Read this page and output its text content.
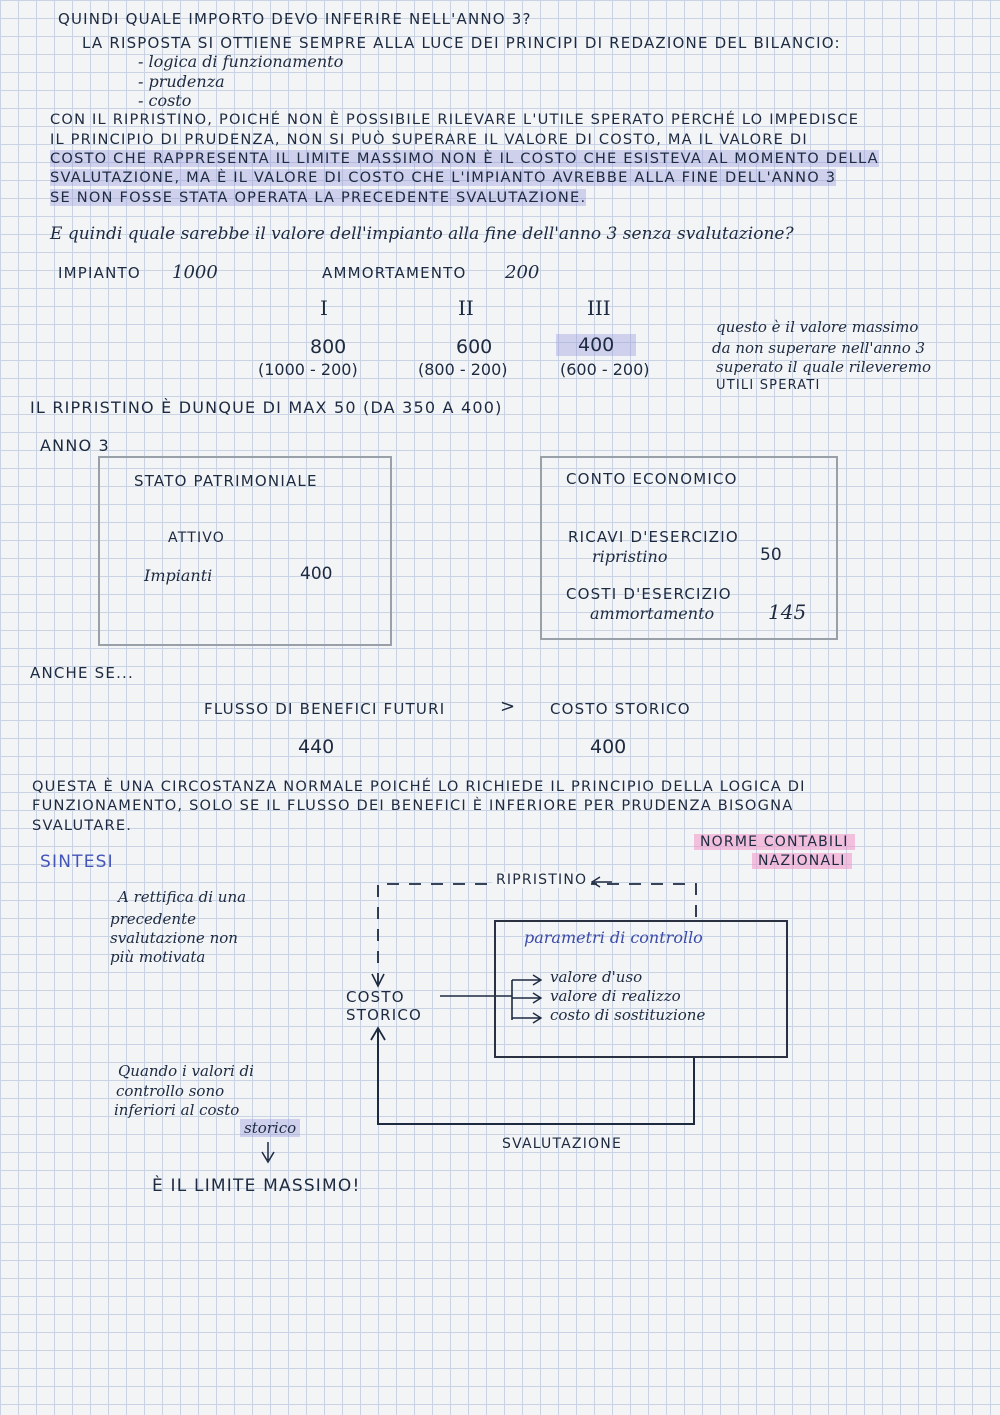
QUINDI QUALE IMPORTO DEVO INFERIRE NELL'ANNO 3?
LA RISPOSTA SI OTTIENE SEMPRE ALLA LUCE DEI PRINCIPI DI REDAZIONE DEL BILANCIO:
- logica di funzionamento
- prudenza
- costo
CON IL RIPRISTINO, POICHÉ NON È POSSIBILE RILEVARE L'UTILE SPERATO PERCHÉ LO IMPEDISCE
IL PRINCIPIO DI PRUDENZA, NON SI PUÒ SUPERARE IL VALORE DI COSTO, MA IL VALORE DI
COSTO CHE RAPPRESENTA IL LIMITE MASSIMO NON È IL COSTO CHE ESISTEVA AL MOMENTO DELLA
SVALUTAZIONE, MA È IL VALORE DI COSTO CHE L'IMPIANTO AVREBBE ALLA FINE DELL'ANNO 3
SE NON FOSSE STATA OPERATA LA PRECEDENTE SVALUTAZIONE.
E quindi quale sarebbe il valore dell'impianto alla fine dell'anno 3 senza svalutazione?
IMPIANTO 1000	AMMORTAMENTO 200
I	II	III
800	600	400
(1000 - 200)	(800 - 200)	(600 - 200)
questo è il valore massimo
da non superare nell'anno 3
superato il quale rileveremo
UTILI SPERATI
IL RIPRISTINO È DUNQUE DI MAX 50 (DA 350 A 400)
ANNO 3
STATO PATRIMONIALE
ATTIVO
Impianti	400
CONTO ECONOMICO
RICAVI D'ESERCIZIO
ripristino	50
COSTI D'ESERCIZIO
ammortamento	145
ANCHE SE...
FLUSSO DI BENEFICI FUTURI	> COSTO STORICO
440	400
QUESTA È UNA CIRCOSTANZA NORMALE POICHÉ LO RICHIEDE IL PRINCIPIO DELLA LOGICA DI
FUNZIONAMENTO, SOLO SE IL FLUSSO DEI BENEFICI È INFERIORE PER PRUDENZA BISOGNA
SVALUTARE.
SINTESI
NORME CONTABILI
NAZIONALI
RIPRISTINO
A rettifica di una
precedente
svalutazione non
più motivata
parametri di controllo
valore d'uso
valore di realizzo
costo di sostituzione
COSTO
STORICO
Quando i valori di
controllo sono
inferiori al costo
storico
SVALUTAZIONE
È IL LIMITE MASSIMO!
